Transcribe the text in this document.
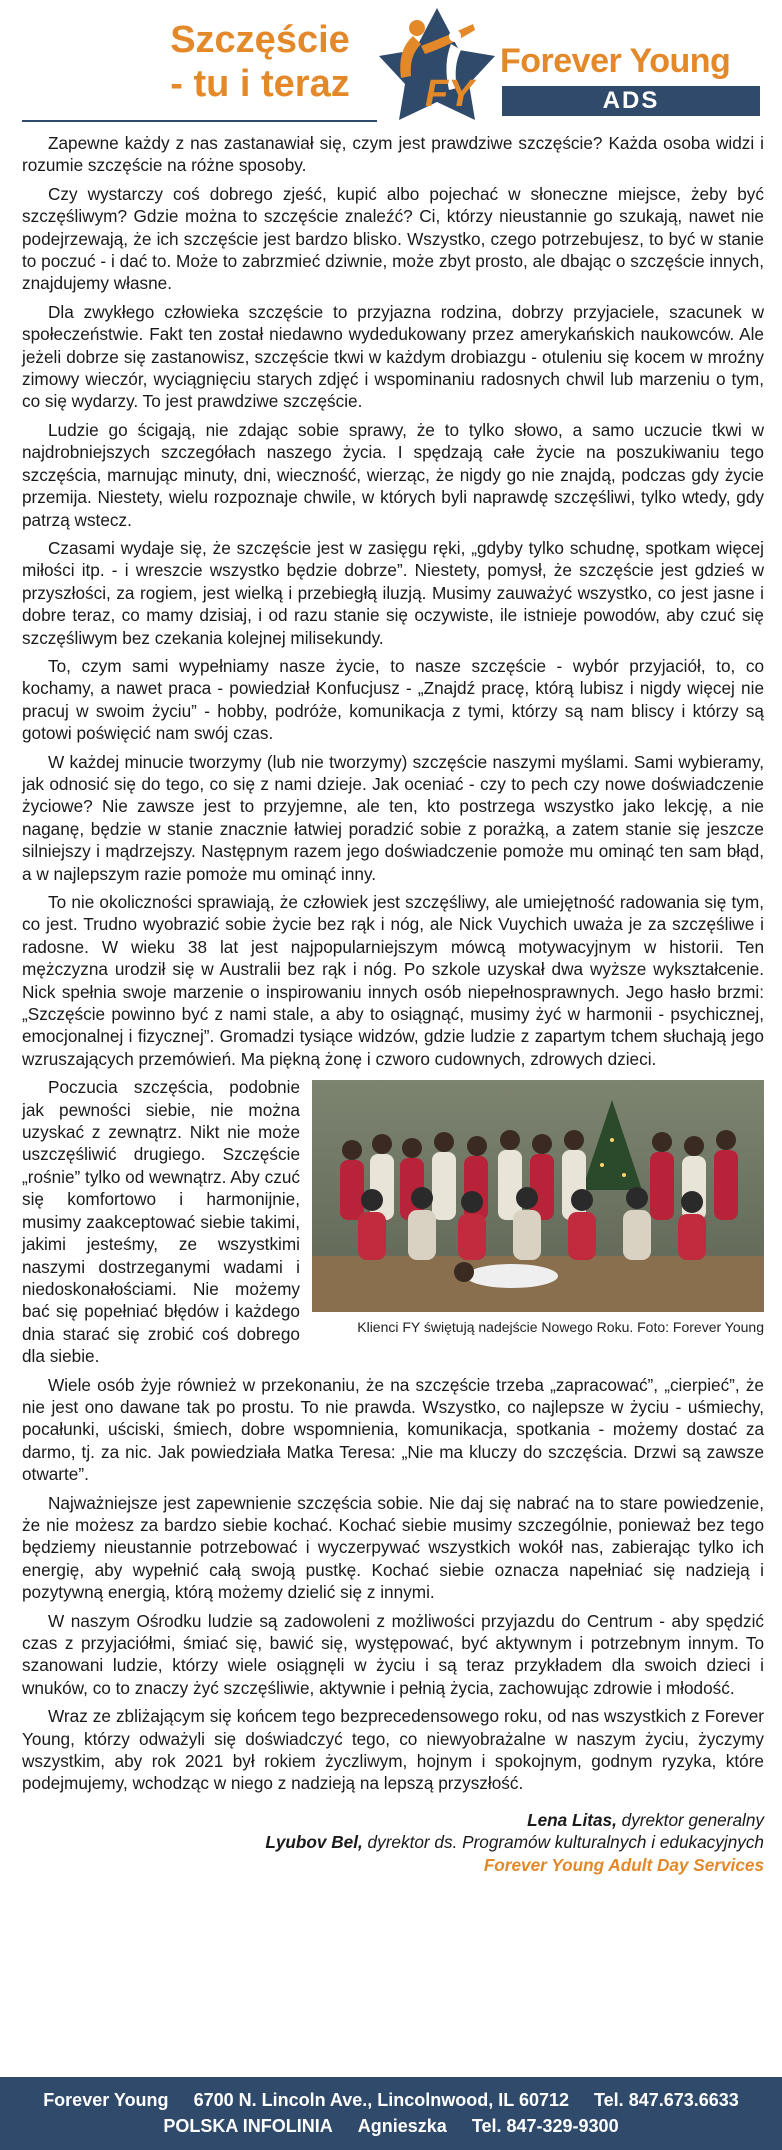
Szczęście
- tu i teraz	FY
Forever Young
ADS

Zapewne każdy z nas zastanawiał się, czym jest prawdziwe szczęście? Każda osoba widzi i rozumie szczęście na różne sposoby.

Czy wystarczy coś dobrego zjeść, kupić albo pojechać w słoneczne miejsce, żeby być szczęśliwym? Gdzie można to szczęście znaleźć? Ci, którzy nieustannie go szukają, nawet nie podejrzewają, że ich szczęście jest bardzo blisko. Wszystko, czego potrzebujesz, to być w stanie to poczuć - i dać to. Może to zabrzmieć dziwnie, może zbyt prosto, ale dbając o szczęście innych, znajdujemy własne.

Dla zwykłego człowieka szczęście to przyjazna rodzina, dobrzy przyjaciele, szacunek w społeczeństwie. Fakt ten został niedawno wydedukowany przez amerykańskich naukowców. Ale jeżeli dobrze się zastanowisz, szczęście tkwi w każdym drobiazgu - otuleniu się kocem w mroźny zimowy wieczór, wyciągnięciu starych zdjęć i wspominaniu radosnych chwil lub marzeniu o tym, co się wydarzy. To jest prawdziwe szczęście.

Ludzie go ścigają, nie zdając sobie sprawy, że to tylko słowo, a samo uczucie tkwi w najdrobniejszych szczegółach naszego życia. I spędzają całe życie na poszukiwaniu tego szczęścia, marnując minuty, dni, wieczność, wierząc, że nigdy go nie znajdą, podczas gdy życie przemija. Niestety, wielu rozpoznaje chwile, w których byli naprawdę szczęśliwi, tylko wtedy, gdy patrzą wstecz.

Czasami wydaje się, że szczęście jest w zasięgu ręki, „gdyby tylko schudnę, spotkam więcej miłości itp. - i wreszcie wszystko będzie dobrze”. Niestety, pomysł, że szczęście jest gdzieś w przyszłości, za rogiem, jest wielką i przebiegłą iluzją. Musimy zauważyć wszystko, co jest jasne i dobre teraz, co mamy dzisiaj, i od razu stanie się oczywiste, ile istnieje powodów, aby czuć się szczęśliwym bez czekania kolejnej milisekundy.

To, czym sami wypełniamy nasze życie, to nasze szczęście - wybór przyjaciół, to, co kochamy, a nawet praca - powiedział Konfucjusz - „Znajdź pracę, którą lubisz i nigdy więcej nie pracuj w swoim życiu” - hobby, podróże, komunikacja z tymi, którzy są nam bliscy i którzy są gotowi poświęcić nam swój czas.

W każdej minucie tworzymy (lub nie tworzymy) szczęście naszymi myślami. Sami wybieramy, jak odnosić się do tego, co się z nami dzieje. Jak oceniać - czy to pech czy nowe doświadczenie życiowe? Nie zawsze jest to przyjemne, ale ten, kto postrzega wszystko jako lekcję, a nie naganę, będzie w stanie znacznie łatwiej poradzić sobie z porażką, a zatem stanie się jeszcze silniejszy i mądrzejszy. Następnym razem jego doświadczenie pomoże mu ominąć ten sam błąd, a w najlepszym razie pomoże mu ominąć inny.

To nie okoliczności sprawiają, że człowiek jest szczęśliwy, ale umiejętność radowania się tym, co jest. Trudno wyobrazić sobie życie bez rąk i nóg, ale Nick Vuychich uważa je za szczęśliwe i radosne. W wieku 38 lat jest najpopularniejszym mówcą motywacyjnym w historii. Ten mężczyzna urodził się w Australii bez rąk i nóg. Po szkole uzyskał dwa wyższe wykształcenie. Nick spełnia swoje marzenie o inspirowaniu innych osób niepełnosprawnych. Jego hasło brzmi: „Szczęście powinno być z nami stale, a aby to osiągnąć, musimy żyć w harmonii - psychicznej, emocjonalnej i fizycznej”. Gromadzi tysiące widzów, gdzie ludzie z zapartym tchem słuchają jego wzruszających przemówień. Ma piękną żonę i czworo cudownych, zdrowych dzieci.

Klienci FY świętują nadejście Nowego Roku. Foto: Forever Young

Poczucia szczęścia, podobnie jak pewności siebie, nie można uzyskać z zewnątrz. Nikt nie może uszczęśliwić drugiego. Szczęście „rośnie” tylko od wewnątrz. Aby czuć się komfortowo i harmonijnie, musimy zaakceptować siebie takimi, jakimi jesteśmy, ze wszystkimi naszymi dostrzeganymi wadami i niedoskonałościami. Nie możemy bać się popełniać błędów i każdego dnia starać się zrobić coś dobrego dla siebie.

Wiele osób żyje również w przekonaniu, że na szczęście trzeba „zapracować”, „cierpieć”, że nie jest ono dawane tak po prostu. To nie prawda. Wszystko, co najlepsze w życiu - uśmiechy, pocałunki, uściski, śmiech, dobre wspomnienia, komunikacja, spotkania - możemy dostać za darmo, tj. za nic. Jak powiedziała Matka Teresa: „Nie ma kluczy do szczęścia. Drzwi są zawsze otwarte”.

Najważniejsze jest zapewnienie szczęścia sobie. Nie daj się nabrać na to stare powiedzenie, że nie możesz za bardzo siebie kochać. Kochać siebie musimy szczególnie, ponieważ bez tego będziemy nieustannie potrzebować i wyczerpywać wszystkich wokół nas, zabierając tylko ich energię, aby wypełnić całą swoją pustkę. Kochać siebie oznacza napełniać się nadzieją i pozytywną energią, którą możemy dzielić się z innymi.

W naszym Ośrodku ludzie są zadowoleni z możliwości przyjazdu do Centrum - aby spędzić czas z przyjaciółmi, śmiać się, bawić się, występować, być aktywnym i potrzebnym innym. To szanowani ludzie, którzy wiele osiągnęli w życiu i są teraz przykładem dla swoich dzieci i wnuków, co to znaczy żyć szczęśliwie, aktywnie i pełnią życia, zachowując zdrowie i młodość.

Wraz ze zbliżającym się końcem tego bezprecedensowego roku, od nas wszystkich z Forever Young, którzy odważyli się doświadczyć tego, co niewyobrażalne w naszym życiu, życzymy wszystkim, aby rok 2021 był rokiem życzliwym, hojnym i spokojnym, godnym ryzyka, które podejmujemy, wchodząc w niego z nadzieją na lepszą przyszłość.

Lena Litas, dyrektor generalny
Lyubov Bel, dyrektor ds. Programów kulturalnych i edukacyjnych
Forever Young Adult Day Services
Forever Young 6700 N. Lincoln Ave., Lincolnwood, IL 60712 Tel. 847.673.6633
POLSKA INFOLINIA Agnieszka Tel. 847-329-9300
